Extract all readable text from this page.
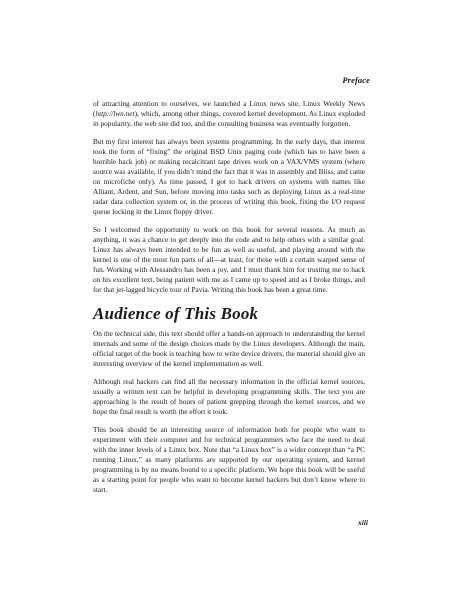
Preface

of attracting attention to ourselves, we launched a Linux news site, Linux Weekly News (http://lwn.net), which, among other things, covered kernel development. As Linux exploded in popularity, the web site did too, and the consulting business was eventually forgotten.

But my first interest has always been systems programming. In the early days, that interest took the form of “fixing” the original BSD Unix paging code (which has to have been a horrible hack job) or making recalcitrant tape drives work on a VAX/VMS system (where source was available, if you didn’t mind the fact that it was in assembly and Bliss, and came on microfiche only). As time passed, I got to hack drivers on systems with names like Alliant, Ardent, and Sun, before moving into tasks such as deploying Linux as a real-time radar data collection system or, in the process of writing this book, fixing the I/O request queue locking in the Linux floppy driver.

So I welcomed the opportunity to work on this book for several reasons. As much as anything, it was a chance to get deeply into the code and to help others with a similar goal. Linux has always been intended to be fun as well as useful, and playing around with the kernel is one of the most fun parts of all—at least, for those with a certain warped sense of fun. Working with Alessandro has been a joy, and I must thank him for trusting me to hack on his excellent text, being patient with me as I came up to speed and as I broke things, and for that jet-lagged bicycle tour of Pavia. Writing this book has been a great time.

Audience of This Book

On the technical side, this text should offer a hands-on approach to understanding the kernel internals and some of the design choices made by the Linux developers. Although the main, official target of the book is teaching how to write device drivers, the material should give an interesting overview of the kernel implementation as well.

Although real hackers can find all the necessary information in the official kernel sources, usually a written text can be helpful in developing programming skills. The text you are approaching is the result of hours of patient grepping through the kernel sources, and we hope the final result is worth the effort it took.

This book should be an interesting source of information both for people who want to experiment with their computer and for technical programmers who face the need to deal with the inner levels of a Linux box. Note that “a Linux box” is a wider concept than “a PC running Linux,” as many platforms are supported by our operating system, and kernel programming is by no means bound to a specific platform. We hope this book will be useful as a starting point for people who want to become kernel hackers but don’t know where to start.

xiii
